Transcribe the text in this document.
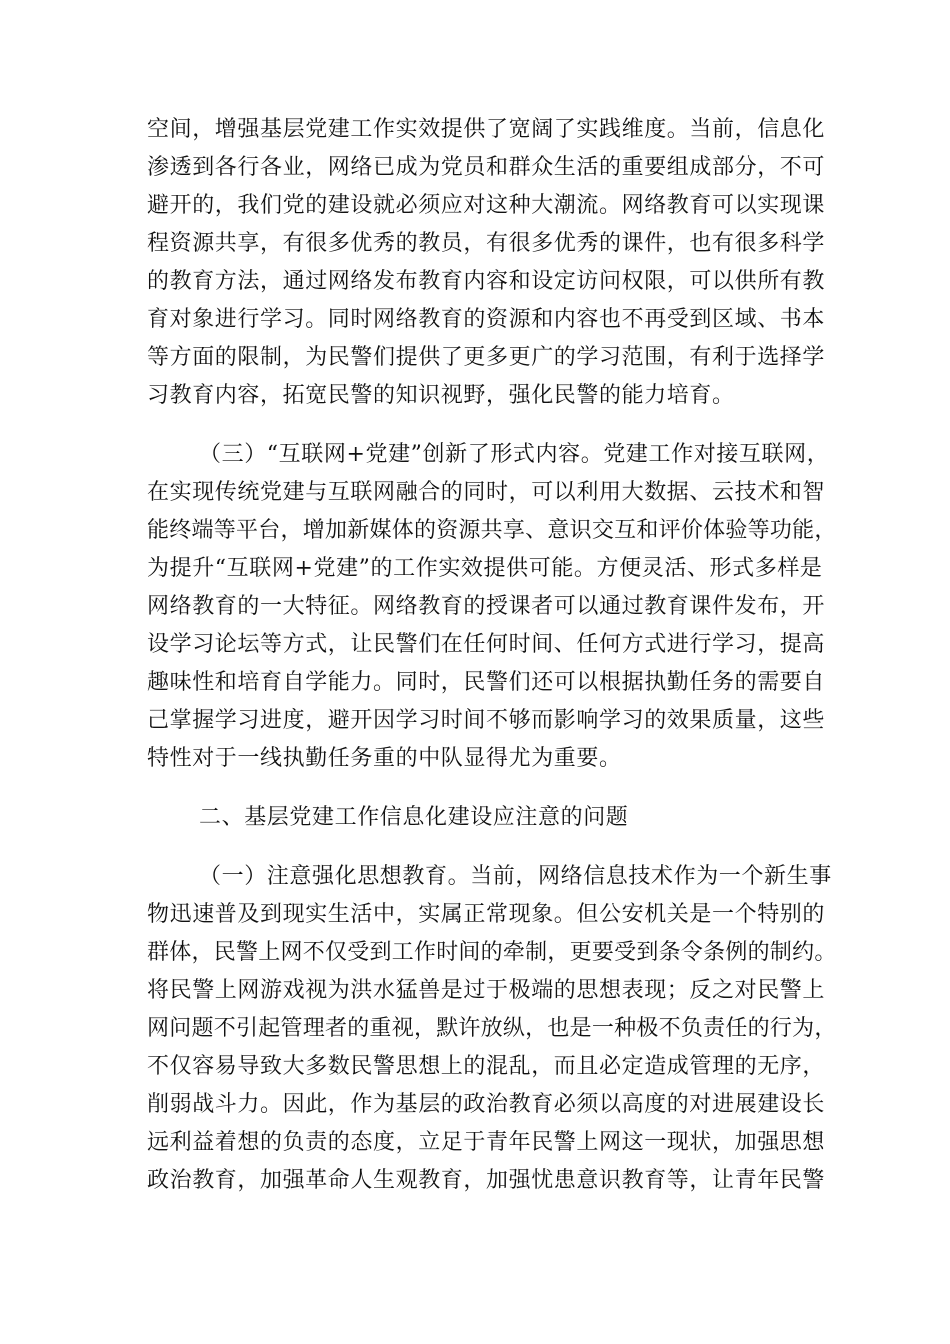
空间，增强基层党建工作实效提供了宽阔了实践维度。当前，信息化
渗透到各行各业，网络已成为党员和群众生活的重要组成部分，不可
避开的，我们党的建设就必须应对这种大潮流。网络教育可以实现课
程资源共享，有很多优秀的教员，有很多优秀的课件，也有很多科学
的教育方法，通过网络发布教育内容和设定访问权限，可以供所有教
育对象进行学习。同时网络教育的资源和内容也不再受到区域、书本
等方面的限制，为民警们提供了更多更广的学习范围，有利于选择学
习教育内容，拓宽民警的知识视野，强化民警的能力培育。
（三）“互联网+党建”创新了形式内容。党建工作对接互联网，
在实现传统党建与互联网融合的同时，可以利用大数据、云技术和智
能终端等平台，增加新媒体的资源共享、意识交互和评价体验等功能，
为提升“互联网+党建”的工作实效提供可能。方便灵活、形式多样是
网络教育的一大特征。网络教育的授课者可以通过教育课件发布，开
设学习论坛等方式，让民警们在任何时间、任何方式进行学习，提高
趣味性和培育自学能力。同时，民警们还可以根据执勤任务的需要自
己掌握学习进度，避开因学习时间不够而影响学习的效果质量，这些
特性对于一线执勤任务重的中队显得尤为重要。
二、基层党建工作信息化建设应注意的问题
（一）注意强化思想教育。当前，网络信息技术作为一个新生事
物迅速普及到现实生活中，实属正常现象。但公安机关是一个特别的
群体，民警上网不仅受到工作时间的牵制，更要受到条令条例的制约。
将民警上网游戏视为洪水猛兽是过于极端的思想表现；反之对民警上
网问题不引起管理者的重视，默许放纵，也是一种极不负责任的行为，
不仅容易导致大多数民警思想上的混乱，而且必定造成管理的无序，
削弱战斗力。因此，作为基层的政治教育必须以高度的对进展建设长
远利益着想的负责的态度，立足于青年民警上网这一现状，加强思想
政治教育，加强革命人生观教育，加强忧患意识教育等，让青年民警
